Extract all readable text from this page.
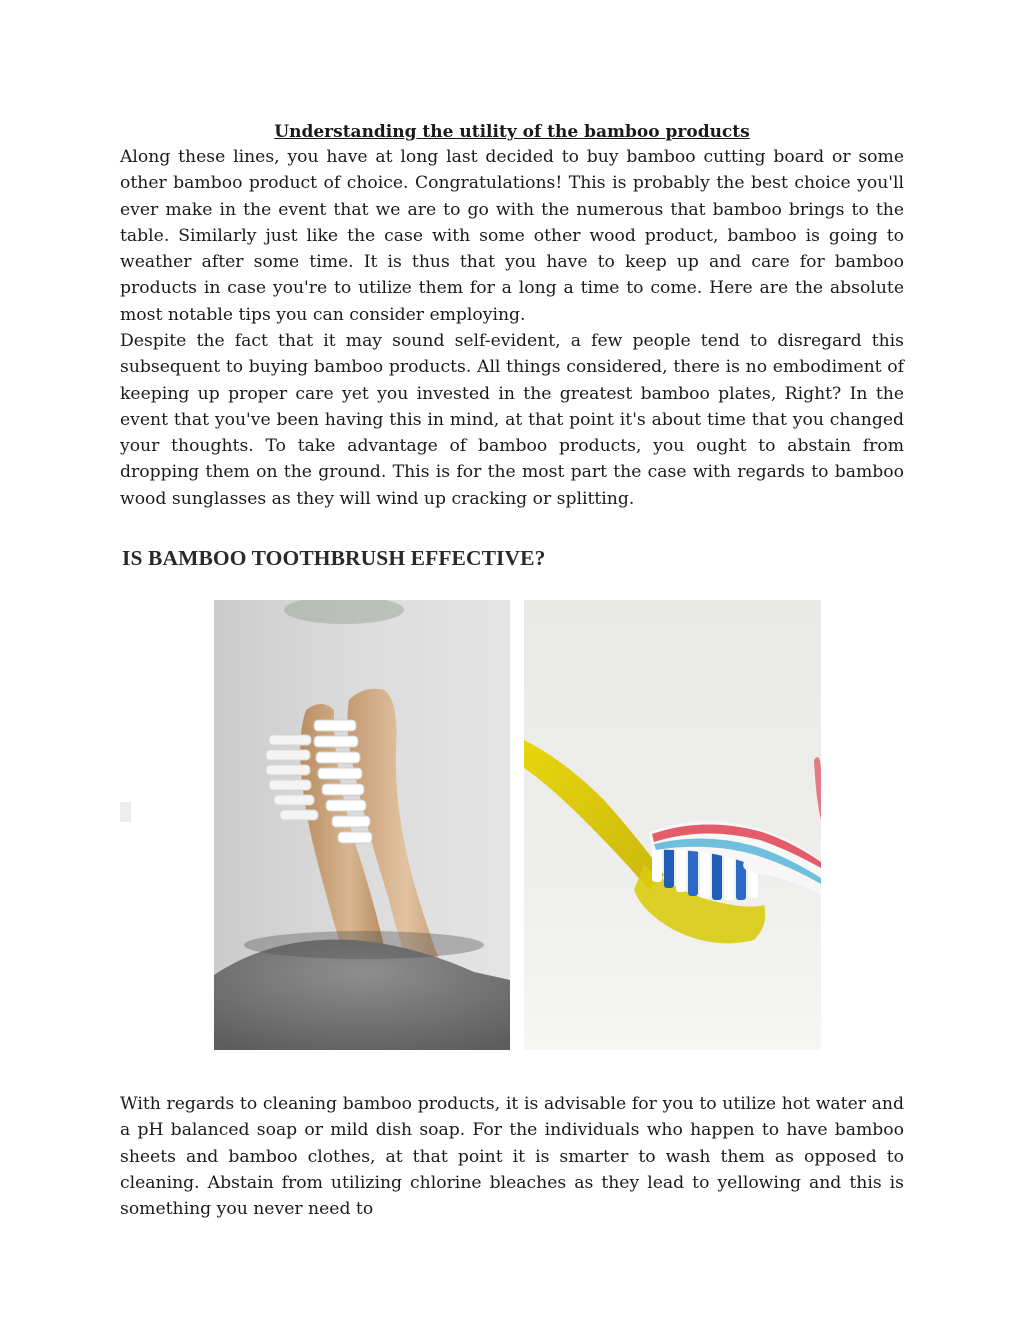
Understanding the utility of the bamboo products

Along these lines, you have at long last decided to buy bamboo cutting board or some other bamboo product of choice. Congratulations! This is probably the best choice you'll ever make in the event that we are to go with the numerous that bamboo brings to the table. Similarly just like the case with some other wood product, bamboo is going to weather after some time. It is thus that you have to keep up and care for bamboo products in case you're to utilize them for a long a time to come. Here are the absolute most notable tips you can consider employing.

Despite the fact that it may sound self-evident, a few people tend to disregard this subsequent to buying bamboo products. All things considered, there is no embodiment of keeping up proper care yet you invested in the greatest bamboo plates, Right? In the event that you've been having this in mind, at that point it's about time that you changed your thoughts. To take advantage of bamboo products, you ought to abstain from dropping them on the ground. This is for the most part the case with regards to bamboo wood sunglasses as they will wind up cracking or splitting.

IS BAMBOO TOOTHBRUSH EFFECTIVE?

With regards to cleaning bamboo products, it is advisable for you to utilize hot water and a pH balanced soap or mild dish soap. For the individuals who happen to have bamboo sheets and bamboo clothes, at that point it is smarter to wash them as opposed to cleaning. Abstain from utilizing chlorine bleaches as they lead to yellowing and this is something you never need to
